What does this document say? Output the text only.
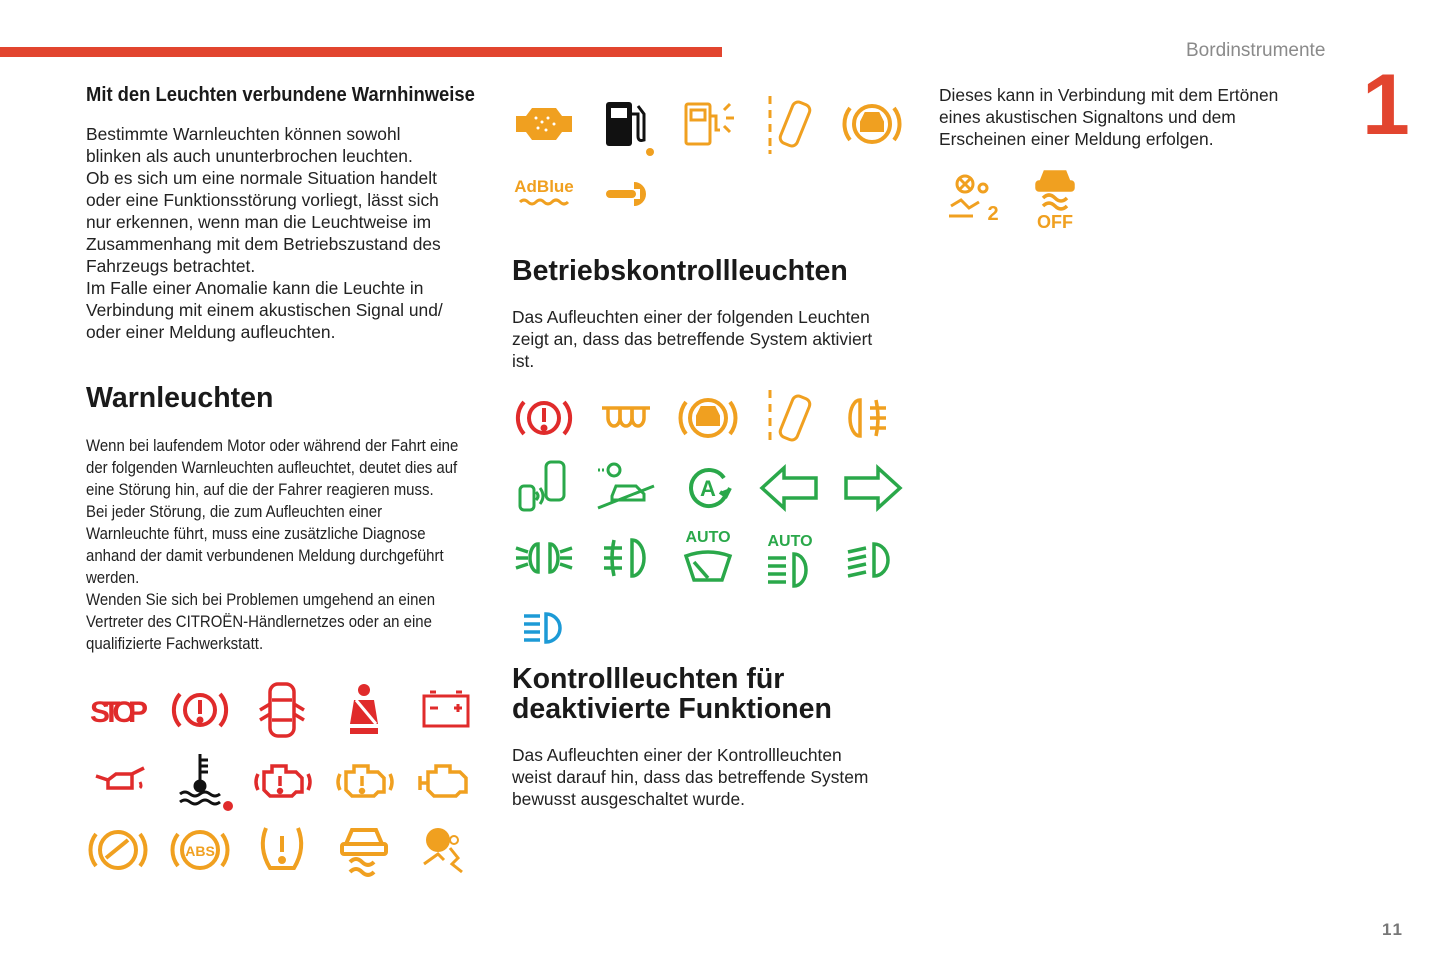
Bordinstrumente
1
11
Mit den Leuchten verbundene Warnhinweise
Bestimmte Warnleuchten können sowohl
blinken als auch ununterbrochen leuchten.
Ob es sich um eine normale Situation handelt
oder eine Funktionsstörung vorliegt, lässt sich
nur erkennen, wenn man die Leuchtweise im
Zusammenhang mit dem Betriebszustand des
Fahrzeugs betrachtet.
Im Falle einer Anomalie kann die Leuchte in
Verbindung mit einem akustischen Signal und/
oder einer Meldung aufleuchten.
Warnleuchten
Wenn bei laufendem Motor oder während der Fahrt eine
der folgenden Warnleuchten aufleuchtet, deutet dies auf
eine Störung hin, auf die der Fahrer reagieren muss.
Bei jeder Störung, die zum Aufleuchten einer
Warnleuchte führt, muss eine zusätzliche Diagnose
anhand der damit verbundenen Meldung durchgeführt
werden.
Wenden Sie sich bei Problemen umgehend an einen
Vertreter des CITROËN-Händlernetzes oder an eine
qualifizierte Fachwerkstatt.
STOP
ABS
AdBlue
Betriebskontrollleuchten
Das Aufleuchten einer der folgenden Leuchten
zeigt an, dass das betreffende System aktiviert
ist.
A
AUTO AUTO
Kontrollleuchten für
deaktivierte Funktionen
Das Aufleuchten einer der Kontrollleuchten
weist darauf hin, dass das betreffende System
bewusst ausgeschaltet wurde.
Dieses kann in Verbindung mit dem Ertönen
eines akustischen Signaltons und dem
Erscheinen einer Meldung erfolgen.
2 OFF
